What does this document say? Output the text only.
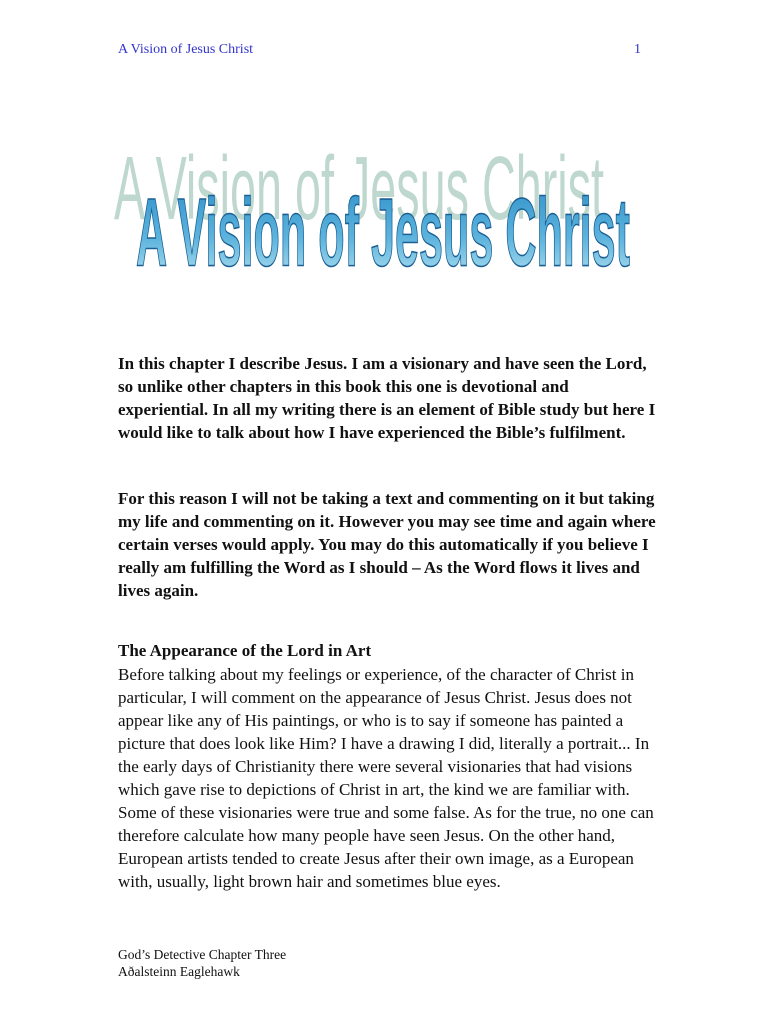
A Vision of Jesus Christ	1
A Vision of Jesus Christ
A Vision of Jesus Christ

In this chapter I describe Jesus. I am a visionary and have seen the Lord, so unlike other chapters in this book this one is devotional and experiential. In all my writing there is an element of Bible study but here I would like to talk about how I have experienced the Bible’s fulfilment.

For this reason I will not be taking a text and commenting on it but taking my life and commenting on it. However you may see time and again where certain verses would apply. You may do this automatically if you believe I really am fulfilling the Word as I should – As the Word flows it lives and lives again.

The Appearance of the Lord in Art

Before talking about my feelings or experience, of the character of Christ in particular, I will comment on the appearance of Jesus Christ. Jesus does not appear like any of His paintings, or who is to say if someone has painted a picture that does look like Him? I have a drawing I did, literally a portrait... In the early days of Christianity there were several visionaries that had visions which gave rise to depictions of Christ in art, the kind we are familiar with. Some of these visionaries were true and some false. As for the true, no one can therefore calculate how many people have seen Jesus. On the other hand, European artists tended to create Jesus after their own image, as a European with, usually, light brown hair and sometimes blue eyes.

God’s Detective Chapter Three
Aðalsteinn Eaglehawk
